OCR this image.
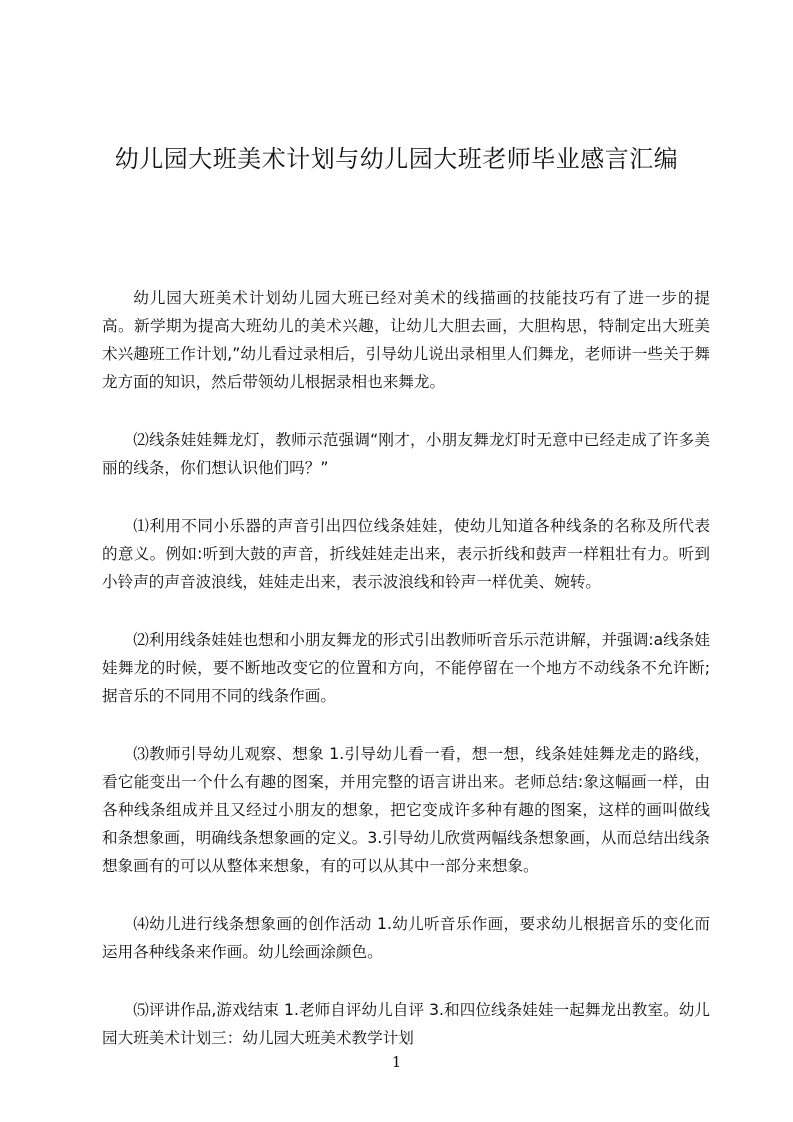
幼儿园大班美术计划与幼儿园大班老师毕业感言汇编

幼儿园大班美术计划幼儿园大班已经对美术的线描画的技能技巧有了进一步的提高。新学期为提高大班幼儿的美术兴趣，让幼儿大胆去画，大胆构思，特制定出大班美术兴趣班工作计划,”幼儿看过录相后，引导幼儿说出录相里人们舞龙，老师讲一些关于舞龙方面的知识，然后带领幼儿根据录相也来舞龙。

⑵线条娃娃舞龙灯，教师示范强调“刚才，小朋友舞龙灯时无意中已经走成了许多美丽的线条，你们想认识他们吗？”

⑴利用不同小乐器的声音引出四位线条娃娃，使幼儿知道各种线条的名称及所代表的意义。例如:听到大鼓的声音，折线娃娃走出来，表示折线和鼓声一样粗壮有力。听到小铃声的声音波浪线，娃娃走出来，表示波浪线和铃声一样优美、婉转。

⑵利用线条娃娃也想和小朋友舞龙的形式引出教师听音乐示范讲解，并强调:a线条娃娃舞龙的时候，要不断地改变它的位置和方向，不能停留在一个地方不动线条不允许断;据音乐的不同用不同的线条作画。

⑶教师引导幼儿观察、想象 1.引导幼儿看一看，想一想，线条娃娃舞龙走的路线，看它能变出一个什么有趣的图案，并用完整的语言讲出来。老师总结:象这幅画一样，由各种线条组成并且又经过小朋友的想象，把它变成许多种有趣的图案，这样的画叫做线和条想象画，明确线条想象画的定义。3.引导幼儿欣赏两幅线条想象画，从而总结出线条想象画有的可以从整体来想象，有的可以从其中一部分来想象。

⑷幼儿进行线条想象画的创作活动 1.幼儿听音乐作画，要求幼儿根据音乐的变化而运用各种线条来作画。幼儿绘画涂颜色。

⑸评讲作品,游戏结束 1.老师自评幼儿自评 3.和四位线条娃娃一起舞龙出教室。幼儿园大班美术计划三：幼儿园大班美术教学计划

1
